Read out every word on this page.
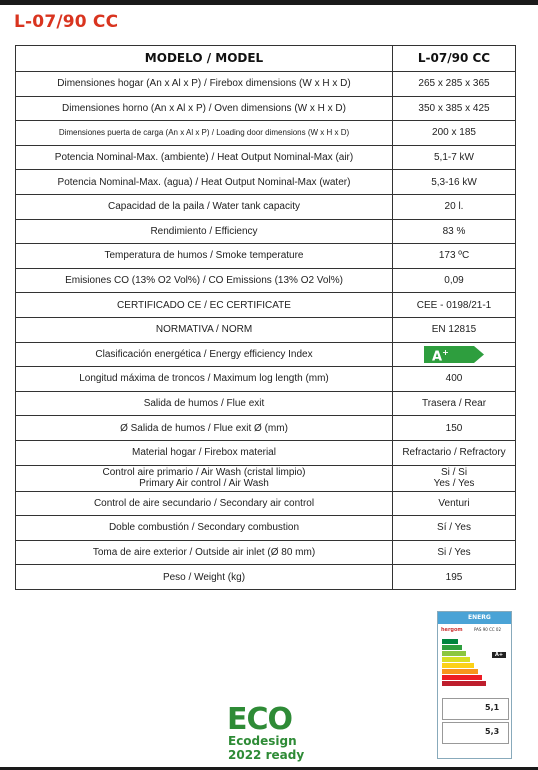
L-07/90 CC
MODELO / MODEL	L-07/90 CC
Dimensiones hogar (An x Al x P) / Firebox dimensions (W x H x D)	265 x 285 x 365
Dimensiones horno (An x Al x P) / Oven dimensions (W x H x D)	350 x 385 x 425
Dimensiones puerta de carga (An x Al x P) / Loading door dimensions (W x H x D)	200 x 185
Potencia Nominal-Max. (ambiente) / Heat Output Nominal-Max (air)	5,1-7 kW
Potencia Nominal-Max. (agua) / Heat Output Nominal-Max (water)	5,3-16 kW
Capacidad de la paila / Water tank capacity	20 l.
Rendimiento / Efficiency	83 %
Temperatura de humos / Smoke temperature	173 ºC
Emisiones CO (13% O2 Vol%) / CO Emissions (13% O2 Vol%)	0,09
CERTIFICADO CE / EC CERTIFICATE	CEE - 0198/21-1
NORMATIVA / NORM	EN 12815
Clasificación energética / Energy efficiency Index	A+

Longitud máxima de troncos / Maximum log length (mm)	400
Salida de humos / Flue exit	Trasera / Rear
Ø Salida de humos / Flue exit Ø (mm)	150
Material hogar / Firebox material	Refractario / Refractory
Control aire primario / Air Wash (cristal limpio)
Primary Air control / Air Wash	Si / Si
Yes / Yes
Control de aire secundario / Secondary air control	Venturi
Doble combustión / Secondary combustion	Sí / Yes
Toma de aire exterior / Outside air inlet (Ø 80 mm)	Si / Yes
Peso / Weight (kg)	195
ECO
Ecodesign
2022 ready
ENERG
hergom	PAS 90 CC 02
A+
5,1
5,3
